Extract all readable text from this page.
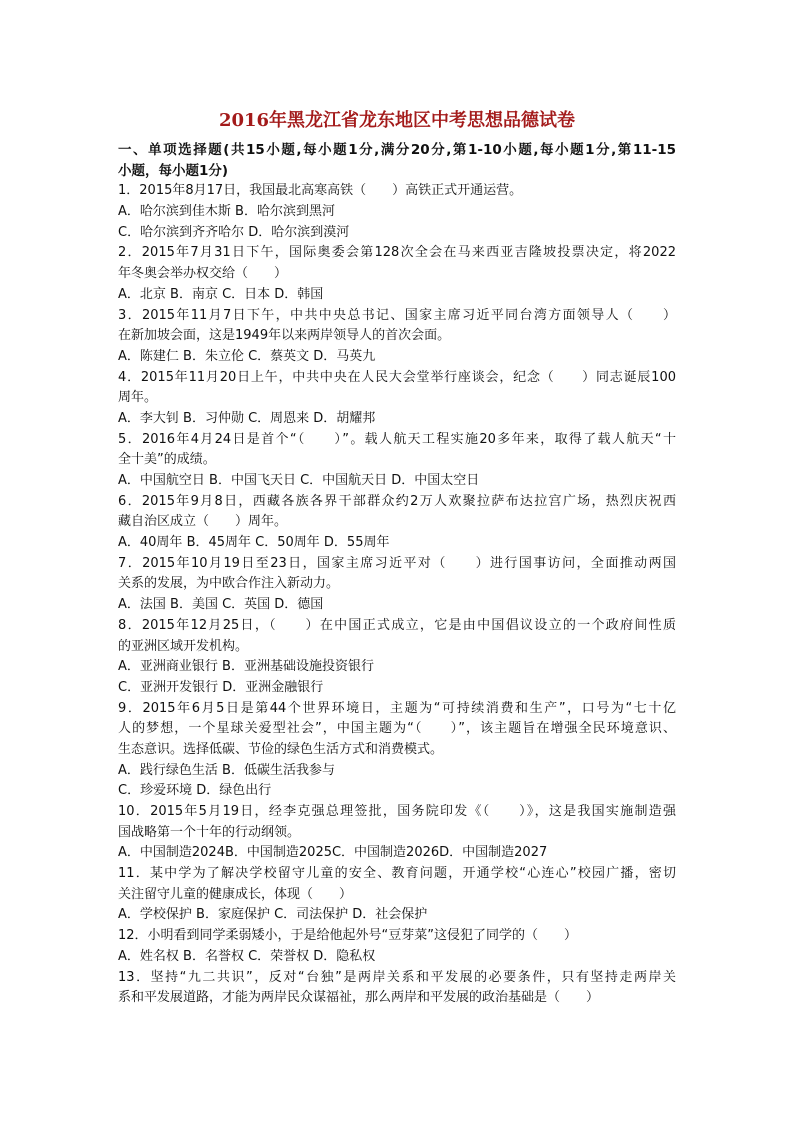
2016年黑龙江省龙东地区中考思想品德试卷
一、单项选择题(共15小题,每小题1分,满分20分,第1-10小题,每小题1分,第11-15
小题，每小题1分)
1．2015年8月17日，我国最北高寒高铁（　　）高铁正式开通运营。
A．哈尔滨到佳木斯 B．哈尔滨到黑河
C．哈尔滨到齐齐哈尔 D．哈尔滨到漠河
2．2015年7月31日下午，国际奥委会第128次全会在马来西亚吉隆坡投票决定，将2022
年冬奥会举办权交给（　　）
A．北京 B．南京 C．日本 D．韩国
3．2015年11月7日下午，中共中央总书记、国家主席习近平同台湾方面领导人（　　）
在新加坡会面，这是1949年以来两岸领导人的首次会面。
A．陈建仁 B．朱立伦 C．蔡英文 D．马英九
4．2015年11月20日上午，中共中央在人民大会堂举行座谈会，纪念（　　）同志诞辰100
周年。
A．李大钊 B．习仲勋 C．周恩来 D．胡耀邦
5．2016年4月24日是首个“（　　）”。载人航天工程实施20多年来，取得了载人航天“十
全十美”的成绩。
A．中国航空日 B．中国飞天日 C．中国航天日 D．中国太空日
6．2015年9月8日，西藏各族各界干部群众约2万人欢聚拉萨布达拉宫广场，热烈庆祝西
藏自治区成立（　　）周年。
A．40周年 B．45周年 C．50周年 D．55周年
7．2015年10月19日至23日，国家主席习近平对（　　）进行国事访问，全面推动两国
关系的发展，为中欧合作注入新动力。
A．法国 B．美国 C．英国 D．德国
8．2015年12月25日，（　　）在中国正式成立，它是由中国倡议设立的一个政府间性质
的亚洲区域开发机构。
A．亚洲商业银行 B．亚洲基础设施投资银行
C．亚洲开发银行 D．亚洲金融银行
9．2015年6月5日是第44个世界环境日，主题为“可持续消费和生产”，口号为“七十亿
人的梦想，一个星球关爱型社会”，中国主题为“（　　）”，该主题旨在增强全民环境意识、
生态意识。选择低碳、节俭的绿色生活方式和消费模式。
A．践行绿色生活 B．低碳生活我参与
C．珍爱环境 D．绿色出行
10．2015年5月19日，经李克强总理签批，国务院印发《（　　）》，这是我国实施制造强
国战略第一个十年的行动纲领。
A．中国制造2024B．中国制造2025C．中国制造2026D．中国制造2027
11．某中学为了解决学校留守儿童的安全、教育问题，开通学校“心连心”校园广播，密切
关注留守儿童的健康成长，体现（　　）
A．学校保护 B．家庭保护 C．司法保护 D．社会保护
12．小明看到同学柔弱矮小，于是给他起外号“豆芽菜”这侵犯了同学的（　　）
A．姓名权 B．名誉权 C．荣誉权 D．隐私权
13．坚持“九二共识”，反对“台独”是两岸关系和平发展的必要条件，只有坚持走两岸关
系和平发展道路，才能为两岸民众谋福祉，那么两岸和平发展的政治基础是（　　）
